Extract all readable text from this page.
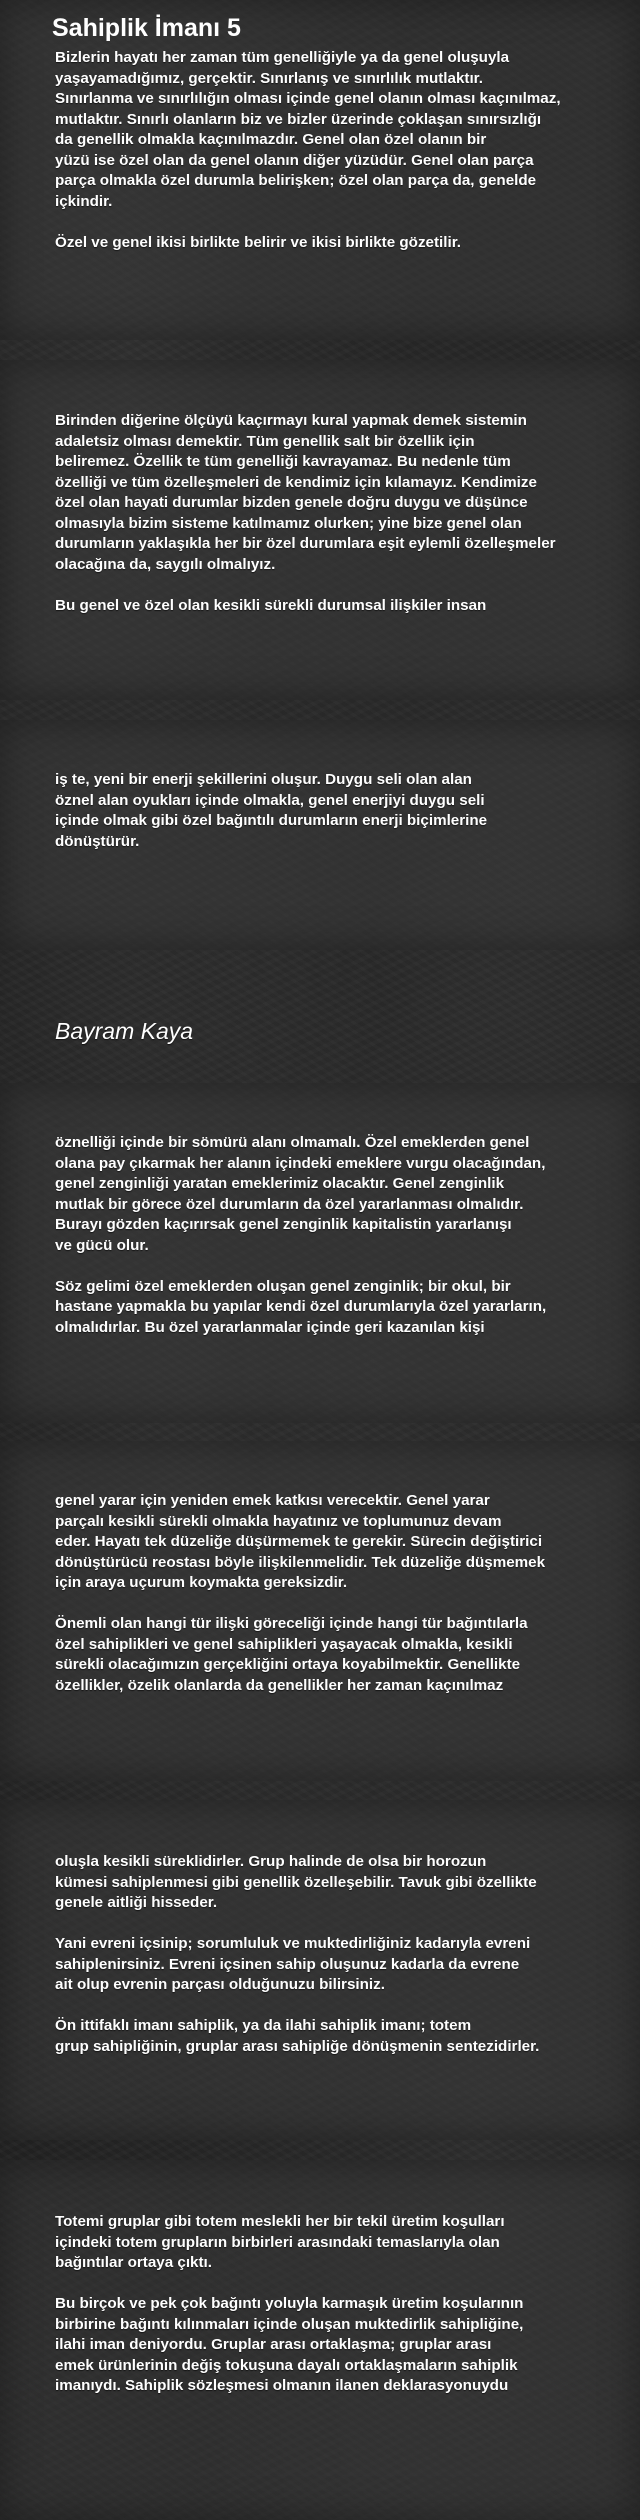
Sahiplik İmanı 5
Bizlerin hayatı her zaman tüm genelliğiyle ya da genel oluşuyla
yaşayamadığımız, gerçektir. Sınırlanış ve sınırlılık mutlaktır.
Sınırlanma ve sınırlılığın olması içinde genel olanın olması kaçınılmaz,
mutlaktır. Sınırlı olanların biz ve bizler üzerinde çoklaşan sınırsızlığı
da genellik olmakla kaçınılmazdır. Genel olan özel olanın bir
yüzü ise özel olan da genel olanın diğer yüzüdür. Genel olan parça
parça olmakla özel durumla belirişken; özel olan parça da, genelde
içkindir.
Özel ve genel ikisi birlikte belirir ve ikisi birlikte gözetilir.
Birinden diğerine ölçüyü kaçırmayı kural yapmak demek sistemin
adaletsiz olması demektir. Tüm genellik salt bir özellik için
beliremez. Özellik te tüm genelliği kavrayamaz. Bu nedenle tüm
özelliği ve tüm özelleşmeleri de kendimiz için kılamayız. Kendimize
özel olan hayati durumlar bizden genele doğru duygu ve düşünce
olmasıyla bizim sisteme katılmamız olurken; yine bize genel olan
durumların yaklaşıkla her bir özel durumlara eşit eylemli özelleşmeler
olacağına da, saygılı olmalıyız.
Bu genel ve özel olan kesikli sürekli durumsal ilişkiler insan
iş te, yeni bir enerji şekillerini oluşur. Duygu seli olan alan
öznel alan oyukları içinde olmakla, genel enerjiyi duygu seli
içinde olmak gibi özel bağıntılı durumların enerji biçimlerine
dönüştürür.
Bayram Kaya
öznelliği içinde bir sömürü alanı olmamalı. Özel emeklerden genel
olana pay çıkarmak her alanın içindeki emeklere vurgu olacağından,
genel zenginliği yaratan emeklerimiz olacaktır. Genel zenginlik
mutlak bir görece özel durumların da özel yararlanması olmalıdır.
Burayı gözden kaçırırsak genel zenginlik kapitalistin yararlanışı
ve gücü olur.
Söz gelimi özel emeklerden oluşan genel zenginlik; bir okul, bir
hastane yapmakla bu yapılar kendi özel durumlarıyla özel yararların,
olmalıdırlar. Bu özel yararlanmalar içinde geri kazanılan kişi
genel yarar için yeniden emek katkısı verecektir. Genel yarar
parçalı kesikli sürekli olmakla hayatınız ve toplumunuz devam
eder. Hayatı tek düzeliğe düşürmemek te gerekir. Sürecin değiştirici
dönüştürücü reostası böyle ilişkilenmelidir. Tek düzeliğe düşmemek
için araya uçurum koymakta gereksizdir.
Önemli olan hangi tür ilişki göreceliği içinde hangi tür bağıntılarla
özel sahiplikleri ve genel sahiplikleri yaşayacak olmakla, kesikli
sürekli olacağımızın gerçekliğini ortaya koyabilmektir. Genellikte
özellikler, özelik olanlarda da genellikler her zaman kaçınılmaz
oluşla kesikli süreklidirler. Grup halinde de olsa bir horozun
kümesi sahiplenmesi gibi genellik özelleşebilir. Tavuk gibi özellikte
genele aitliği hisseder.
Yani evreni içsinip; sorumluluk ve muktedirliğiniz kadarıyla evreni
sahiplenirsiniz. Evreni içsinen sahip oluşunuz kadarla da evrene
ait olup evrenin parçası olduğunuzu bilirsiniz.
Ön ittifaklı imanı sahiplik, ya da ilahi sahiplik imanı; totem
grup sahipliğinin, gruplar arası sahipliğe dönüşmenin sentezidirler.
Totemi gruplar gibi totem meslekli her bir tekil üretim koşulları
içindeki totem grupların birbirleri arasındaki temaslarıyla olan
bağıntılar ortaya çıktı.
Bu birçok ve pek çok bağıntı yoluyla karmaşık üretim koşularının
birbirine bağıntı kılınmaları içinde oluşan muktedirlik sahipliğine,
ilahi iman deniyordu. Gruplar arası ortaklaşma; gruplar arası
emek ürünlerinin değiş tokuşuna dayalı ortaklaşmaların sahiplik
imanıydı. Sahiplik sözleşmesi olmanın ilanen deklarasyonuydu
